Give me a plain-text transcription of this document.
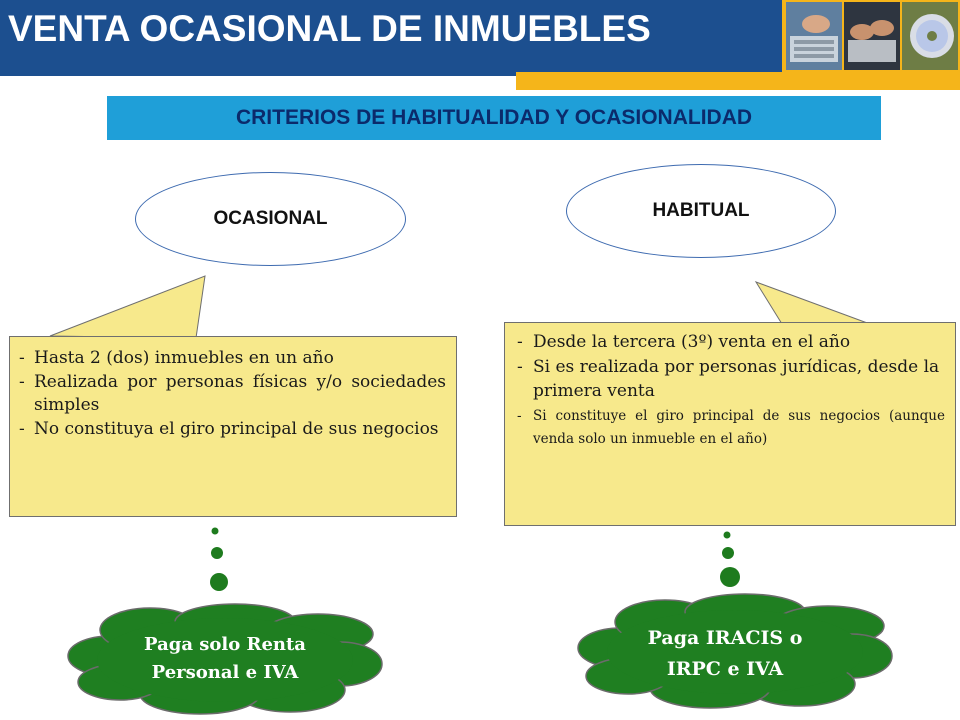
VENTA OCASIONAL DE INMUEBLES
CRITERIOS DE HABITUALIDAD Y OCASIONALIDAD
OCASIONAL	HABITUAL
- Hasta 2 (dos) inmuebles en un año
- Realizada por personas físicas y/o sociedades simples
- No constituya el giro principal de sus negocios
- Desde la tercera (3º) venta en el año
- Si es realizada por personas jurídicas, desde la primera venta
- Si constituye el giro principal de sus negocios (aunque venda solo un inmueble en el año)
Paga solo Renta
Personal e IVA
Paga IRACIS o
IRPC e IVA
